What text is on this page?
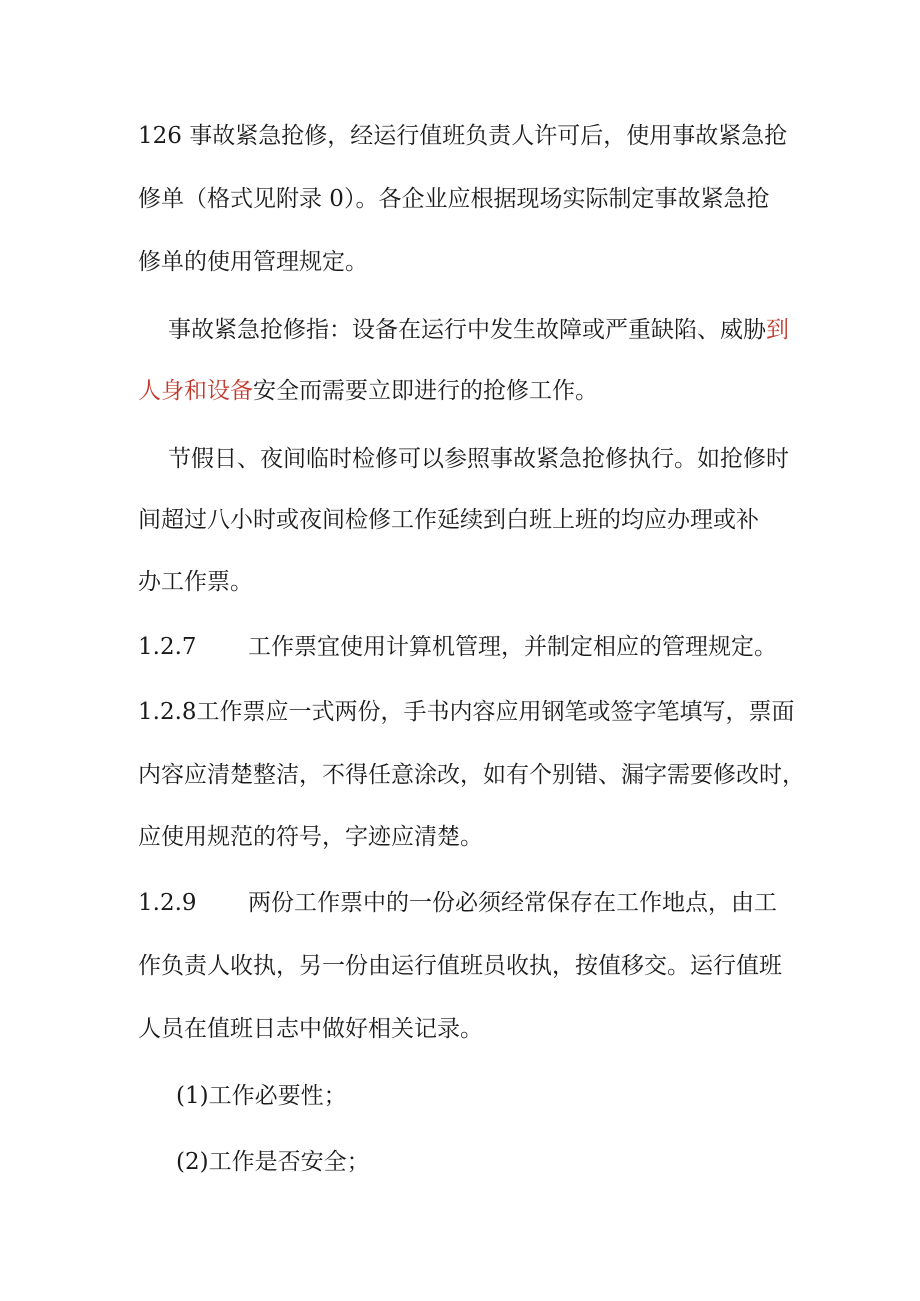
126 事故紧急抢修，经运行值班负责人许可后，使用事故紧急抢
修单（格式见附录 0）。各企业应根据现场实际制定事故紧急抢
修单的使用管理规定。
事故紧急抢修指：设备在运行中发生故障或严重缺陷、威胁到
人身和设备安全而需要立即进行的抢修工作。
节假日、夜间临时检修可以参照事故紧急抢修执行。如抢修时
间超过八小时或夜间检修工作延续到白班上班的均应办理或补
办工作票。
1.2.7 工作票宜使用计算机管理，并制定相应的管理规定。
1.2.8工作票应一式两份，手书内容应用钢笔或签字笔填写，票面
内容应清楚整洁，不得任意涂改，如有个别错、漏字需要修改时，
应使用规范的符号，字迹应清楚。
1.2.9 两份工作票中的一份必须经常保存在工作地点，由工
作负责人收执，另一份由运行值班员收执，按值移交。运行值班
人员在值班日志中做好相关记录。
(1)工作必要性；
(2)工作是否安全；
